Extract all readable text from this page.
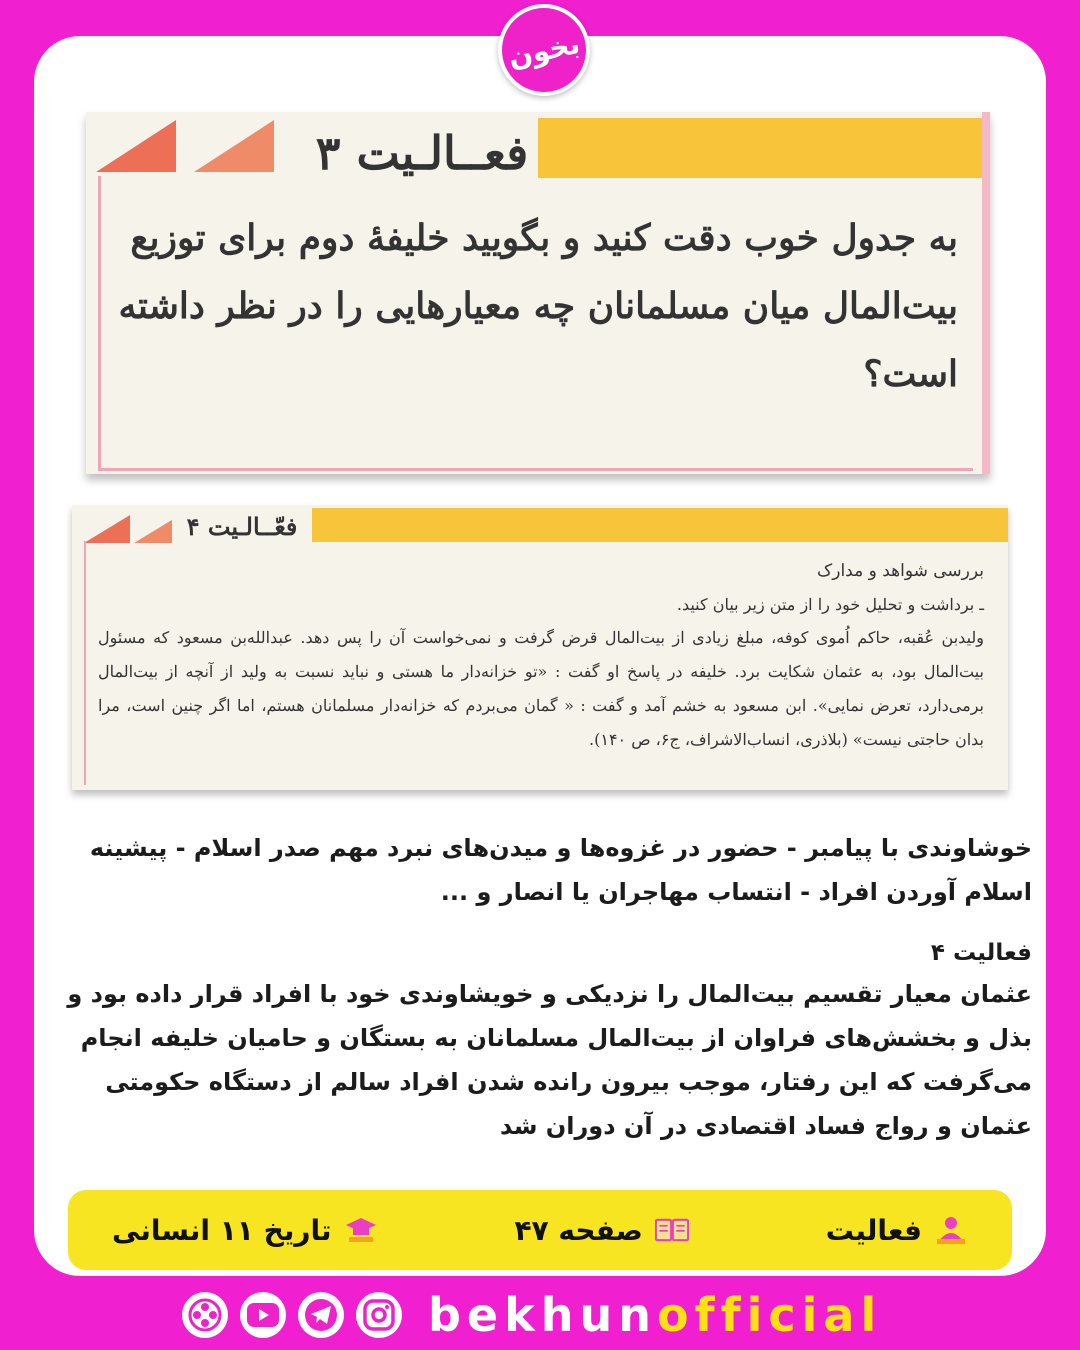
بخون
فعــالـیت ۳
به جدول خوب دقت کنید و بگویید خلیفهٔ دوم برای توزیع بیت‌المال میان مسلمانان چه معیارهایی را در نظر داشته است؟
فعّــالـیت ۴
بررسی شواهد و مدارک
ـ برداشت و تحلیل خود را از متن زیر بیان کنید.
ولیدبن عُقبه، حاکم اُموی کوفه، مبلغ زیادی از بیت‌المال قرض گرفت و نمی‌خواست آن را پس دهد. عبدالله‌بن مسعود که مسئول بیت‌المال بود، به عثمان شکایت برد. خلیفه در پاسخ او گفت : «تو خزانه‌دار ما هستی و نباید نسبت به ولید از آنچه از بیت‌المال برمی‌دارد، تعرض نمایی». ابن مسعود به خشم آمد و گفت : « گمان می‌بردم که خزانه‌دار مسلمانان هستم، اما اگر چنین است، مرا بدان حاجتی نیست» (بلاذری، انساب‌الاشراف، ج۶، ص ۱۴۰).

خوشاوندی با پیامبر - حضور در غزوه‌ها و میدن‌های نبرد مهم صدر اسلام - پیشینه اسلام آوردن افراد - انتساب مهاجران یا انصار و ...

فعالیت ۴

عثمان معیار تقسیم بیت‌المال را نزدیکی و خویشاوندی خود با افراد قرار داده بود و بذل و بخشش‌های فراوان از بیت‌المال مسلمانان به بستگان و حامیان خلیفه انجام می‌گرفت که این رفتار، موجب بیرون رانده شدن افراد سالم از دستگاه حکومتی عثمان و رواج فساد اقتصادی در آن دوران شد

تاریخ ۱۱ انسانی	صفحه ۴۷	فعالیت
bekhunofficial
